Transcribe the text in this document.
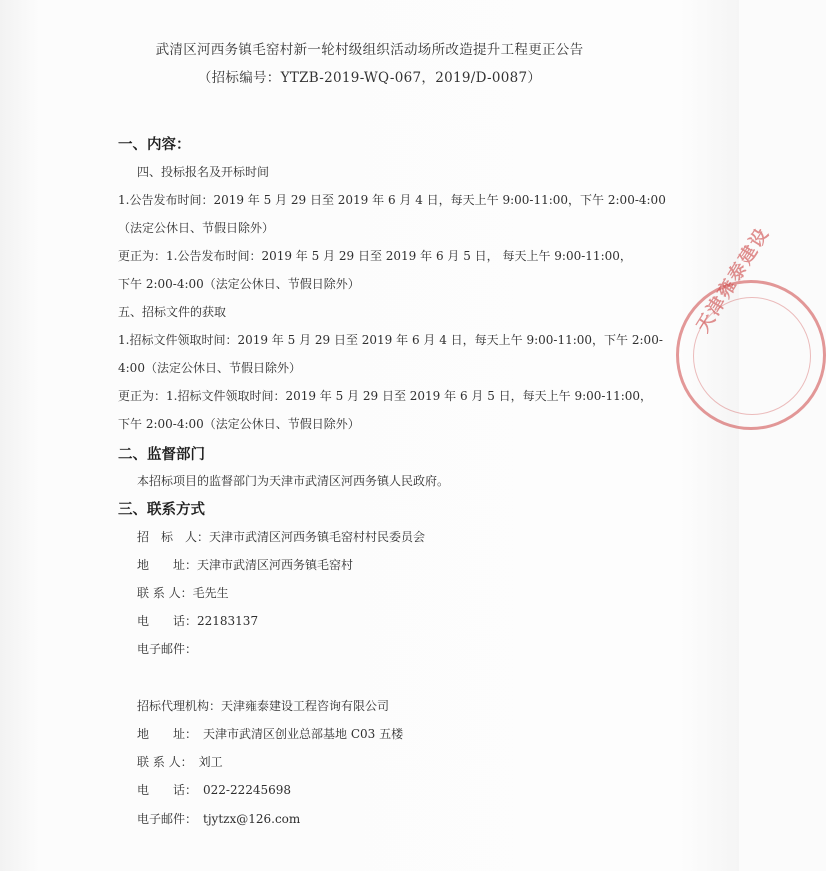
武清区河西务镇毛窑村新一轮村级组织活动场所改造提升工程更正公告
（招标编号：YTZB-2019-WQ-067，2019/D-0087）
一、内容：
四、投标报名及开标时间
1.公告发布时间：2019 年 5 月 29 日至 2019 年 6 月 4 日，每天上午 9:00-11:00，下午 2:00-4:00
（法定公休日、节假日除外）
更正为：1.公告发布时间：2019 年 5 月 29 日至 2019 年 6 月 5 日， 每天上午 9:00-11:00，
下午 2:00-4:00（法定公休日、节假日除外）
五、招标文件的获取
1.招标文件领取时间：2019 年 5 月 29 日至 2019 年 6 月 4 日，每天上午 9:00-11:00，下午 2:00-
4:00（法定公休日、节假日除外）
更正为：1.招标文件领取时间：2019 年 5 月 29 日至 2019 年 6 月 5 日，每天上午 9:00-11:00，
下午 2:00-4:00（法定公休日、节假日除外）
二、监督部门
本招标项目的监督部门为天津市武清区河西务镇人民政府。
三、联系方式
招　标　人：天津市武清区河西务镇毛窑村村民委员会
地　　址：天津市武清区河西务镇毛窑村
联 系 人：毛先生
电　　话：22183137
电子邮件：
招标代理机构：天津雍泰建设工程咨询有限公司
地　　址：　天津市武清区创业总部基地 C03 五楼
联 系 人：　刘工
电　　话：　022-22245698
电子邮件：　tjytzx@126.com
天津雍泰建设
